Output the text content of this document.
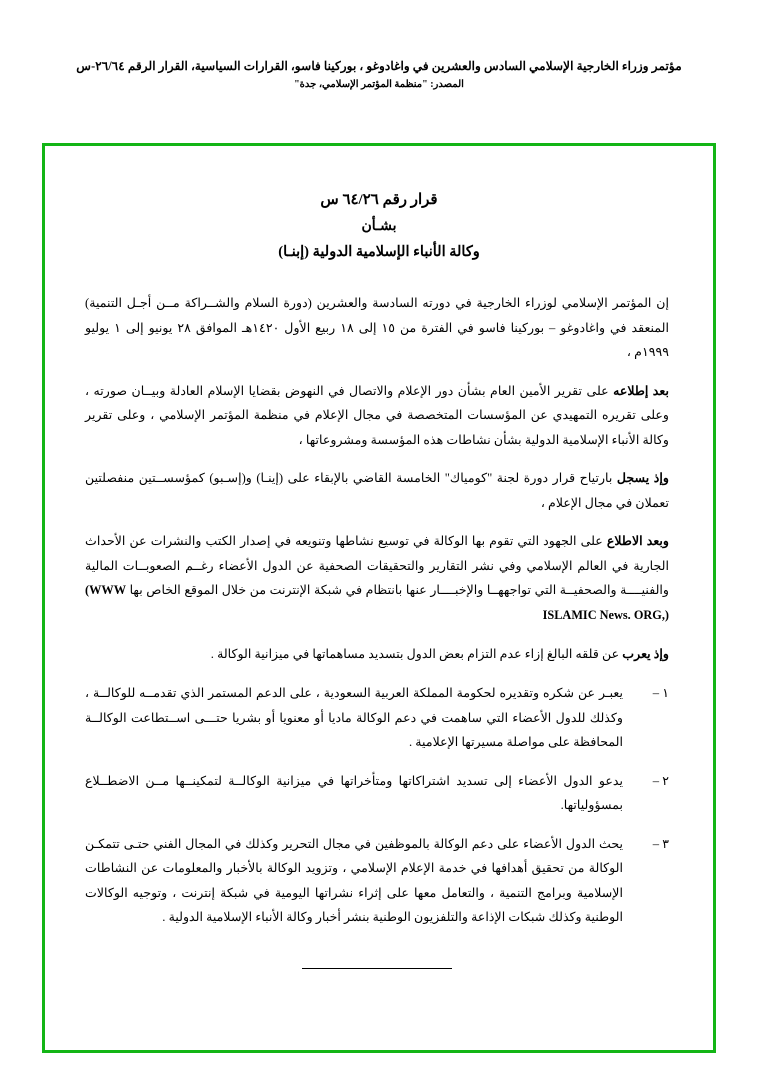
مؤتمر وزراء الخارجية الإسلامي السادس والعشرين في واغادوغو ، بوركينا فاسو، القرارات السياسية، القرار الرقم ٢٦/٦٤-س
المصدر: "منظمة المؤتمر الإسلامي، جدة"
قرار رقم ٦٤/٢٦ س
بشـأن
وكالة الأنباء الإسلامية الدولية (إبنـا)

إن المؤتمر الإسلامي لوزراء الخارجية في دورته السادسة والعشرين (دورة السلام والشــراكة مــن أجـل التنمية) المنعقد في واغادوغو – بوركينا فاسو في الفترة من ١٥ إلى ١٨ ربيع الأول ١٤٢٠هـ الموافق ٢٨ يونيو إلى ١ يوليو ١٩٩٩م ،

بعد إطلاعه على تقرير الأمين العام بشأن دور الإعلام والاتصال في النهوض بقضايا الإسلام العادلة وبيــان صورته ، وعلى تقريره التمهيدي عن المؤسسات المتخصصة في مجال الإعلام في منظمة المؤتمر الإسلامي ، وعلى تقرير وكالة الأنباء الإسلامية الدولية بشأن نشاطات هذه المؤسسة ومشروعاتها ،

وإذ يسجل بارتياح قرار دورة لجنة "كومياك" الخامسة القاضي بالإبقاء على (إينـا) و(إسـبو) كمؤسســتين منفصلتين تعملان في مجال الإعلام ،

وبعد الاطلاع على الجهود التي تقوم بها الوكالة في توسيع نشاطها وتنويعه في إصدار الكتب والنشرات عن الأحداث الجارية في العالم الإسلامي وفي نشر التقارير والتحقيقات الصحفية عن الدول الأعضاء رغــم الصعوبــات المالية والفنيــــة والصحفيــة التي تواجههــا والإخبــــار عنها بانتظام في شبكة الإنترنت من خلال الموقع الخاص بها (WWW ISLAMIC News. ORG,)

وإذ يعرب عن قلقه البالغ إزاء عدم التزام بعض الدول بتسديد مساهماتها في ميزانية الوكالة .

١ –
يعبـر عن شكره وتقديره لحكومة المملكة العربية السعودية ، على الدعم المستمر الذي تقدمــه للوكالــة ، وكذلك للدول الأعضاء التي ساهمت في دعم الوكالة ماديا أو معنويا أو بشريا حتـــى اســتطاعت الوكالــة المحافظة على مواصلة مسيرتها الإعلامية .
٢ –
يدعو الدول الأعضاء إلى تسديد اشتراكاتها ومتأخراتها في ميزانية الوكالــة لتمكينــها مــن الاضطــلاع بمسؤولياتها.
٣ –
يحث الدول الأعضاء على دعم الوكالة بالموظفين في مجال التحرير وكذلك في المجال الفني حتـى تتمكـن الوكالة من تحقيق أهدافها في خدمة الإعلام الإسلامي ، وتزويد الوكالة بالأخبار والمعلومات عن النشاطات الإسلامية وبرامج التنمية ، والتعامل معها على إثراء نشراتها اليومية في شبكة إنترنت ، وتوجيه الوكالات الوطنية وكذلك شبكات الإذاعة والتلفزيون الوطنية بنشر أخبار وكالة الأنباء الإسلامية الدولية .
